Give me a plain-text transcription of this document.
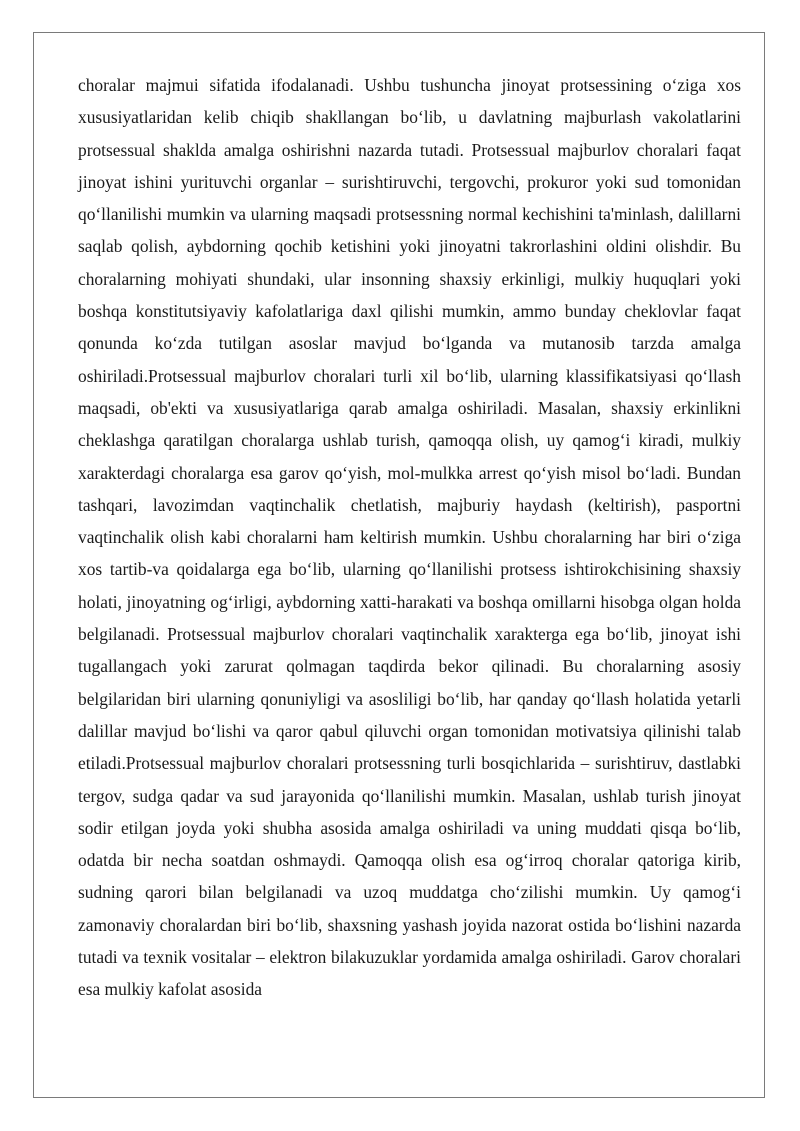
choralar majmui sifatida ifodalanadi. Ushbu tushuncha jinoyat protsessining o‘ziga xos xususiyatlaridan kelib chiqib shakllangan bo‘lib, u davlatning majburlash vakolatlarini protsessual shaklda amalga oshirishni nazarda tutadi. Protsessual majburlov choralari faqat jinoyat ishini yurituvchi organlar – surishtiruvchi, tergovchi, prokuror yoki sud tomonidan qo‘llanilishi mumkin va ularning maqsadi protsessning normal kechishini ta'minlash, dalillarni saqlab qolish, aybdorning qochib ketishini yoki jinoyatni takrorlashini oldini olishdir. Bu choralarning mohiyati shundaki, ular insonning shaxsiy erkinligi, mulkiy huquqlari yoki boshqa konstitutsiyaviy kafolatlariga daxl qilishi mumkin, ammo bunday cheklovlar faqat qonunda ko‘zda tutilgan asoslar mavjud bo‘lganda va mutanosib tarzda amalga oshiriladi.Protsessual majburlov choralari turli xil bo‘lib, ularning klassifikatsiyasi qo‘llash maqsadi, ob'ekti va xususiyatlariga qarab amalga oshiriladi. Masalan, shaxsiy erkinlikni cheklashga qaratilgan choralarga ushlab turish, qamoqqa olish, uy qamog‘i kiradi, mulkiy xarakterdagi choralarga esa garov qo‘yish, mol-mulkka arrest qo‘yish misol bo‘ladi. Bundan tashqari, lavozimdan vaqtinchalik chetlatish, majburiy haydash (keltirish), pasportni vaqtinchalik olish kabi choralarni ham keltirish mumkin. Ushbu choralarning har biri o‘ziga xos tartib-va qoidalarga ega bo‘lib, ularning qo‘llanilishi protsess ishtirokchisining shaxsiy holati, jinoyatning og‘irligi, aybdorning xatti-harakati va boshqa omillarni hisobga olgan holda belgilanadi. Protsessual majburlov choralari vaqtinchalik xarakterga ega bo‘lib, jinoyat ishi tugallangach yoki zarurat qolmagan taqdirda bekor qilinadi. Bu choralarning asosiy belgilaridan biri ularning qonuniyligi va asosliligi bo‘lib, har qanday qo‘llash holatida yetarli dalillar mavjud bo‘lishi va qaror qabul qiluvchi organ tomonidan motivatsiya qilinishi talab etiladi.Protsessual majburlov choralari protsessning turli bosqichlarida – surishtiruv, dastlabki tergov, sudga qadar va sud jarayonida qo‘llanilishi mumkin. Masalan, ushlab turish jinoyat sodir etilgan joyda yoki shubha asosida amalga oshiriladi va uning muddati qisqa bo‘lib, odatda bir necha soatdan oshmaydi. Qamoqqa olish esa og‘irroq choralar qatoriga kirib, sudning qarori bilan belgilanadi va uzoq muddatga cho‘zilishi mumkin. Uy qamog‘i zamonaviy choralardan biri bo‘lib, shaxsning yashash joyida nazorat ostida bo‘lishini nazarda tutadi va texnik vositalar – elektron bilakuzuklar yordamida amalga oshiriladi. Garov choralari esa mulkiy kafolat asosida
